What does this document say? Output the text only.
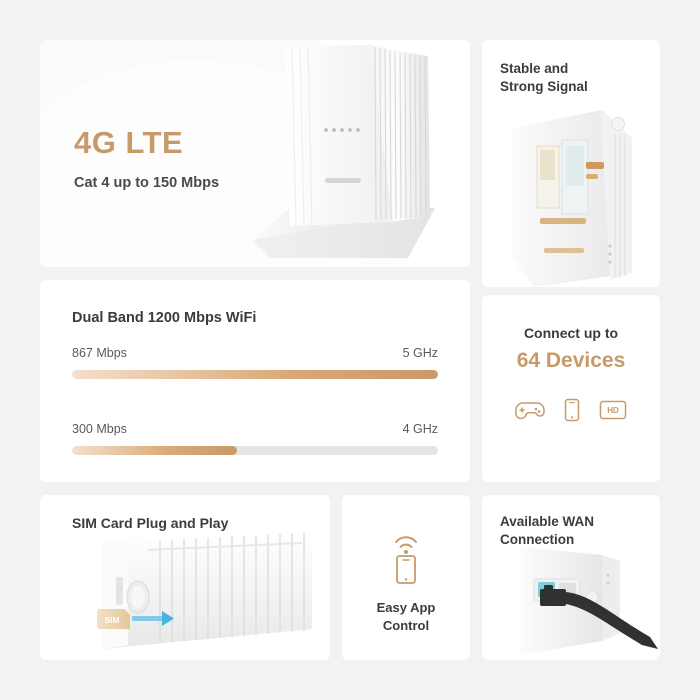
4G LTE
Cat 4 up to 150 Mbps
Stable and
Strong Signal
Dual Band 1200 Mbps WiFi
867 Mbps	5 GHz
300 Mbps	4 GHz
Connect up to
64 Devices
HD
SIM Card Plug and Play
SIM
Easy App
Control
Available WAN
Connection
